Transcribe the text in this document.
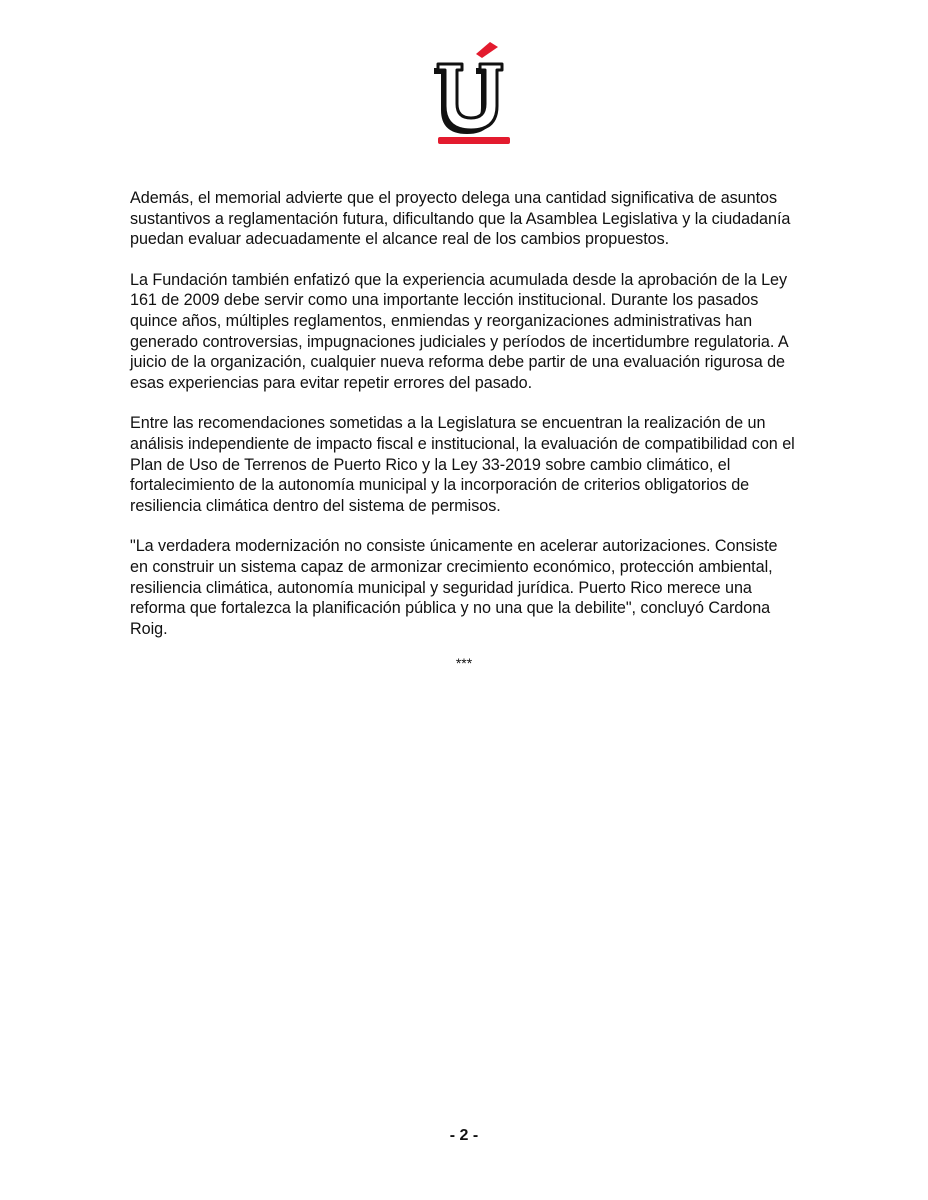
Además, el memorial advierte que el proyecto delega una cantidad significativa de asuntos sustantivos a reglamentación futura, dificultando que la Asamblea Legislativa y la ciudadanía puedan evaluar adecuadamente el alcance real de los cambios propuestos.

La Fundación también enfatizó que la experiencia acumulada desde la aprobación de la Ley 161 de 2009 debe servir como una importante lección institucional. Durante los pasados quince años, múltiples reglamentos, enmiendas y reorganizaciones administrativas han generado controversias, impugnaciones judiciales y períodos de incertidumbre regulatoria. A juicio de la organización, cualquier nueva reforma debe partir de una evaluación rigurosa de esas experiencias para evitar repetir errores del pasado.

Entre las recomendaciones sometidas a la Legislatura se encuentran la realización de un análisis independiente de impacto fiscal e institucional, la evaluación de compatibilidad con el Plan de Uso de Terrenos de Puerto Rico y la Ley 33-2019 sobre cambio climático, el fortalecimiento de la autonomía municipal y la incorporación de criterios obligatorios de resiliencia climática dentro del sistema de permisos.

"La verdadera modernización no consiste únicamente en acelerar autorizaciones. Consiste en construir un sistema capaz de armonizar crecimiento económico, protección ambiental, resiliencia climática, autonomía municipal y seguridad jurídica. Puerto Rico merece una reforma que fortalezca la planificación pública y no una que la debilite", concluyó Cardona Roig.

***
- 2 -
